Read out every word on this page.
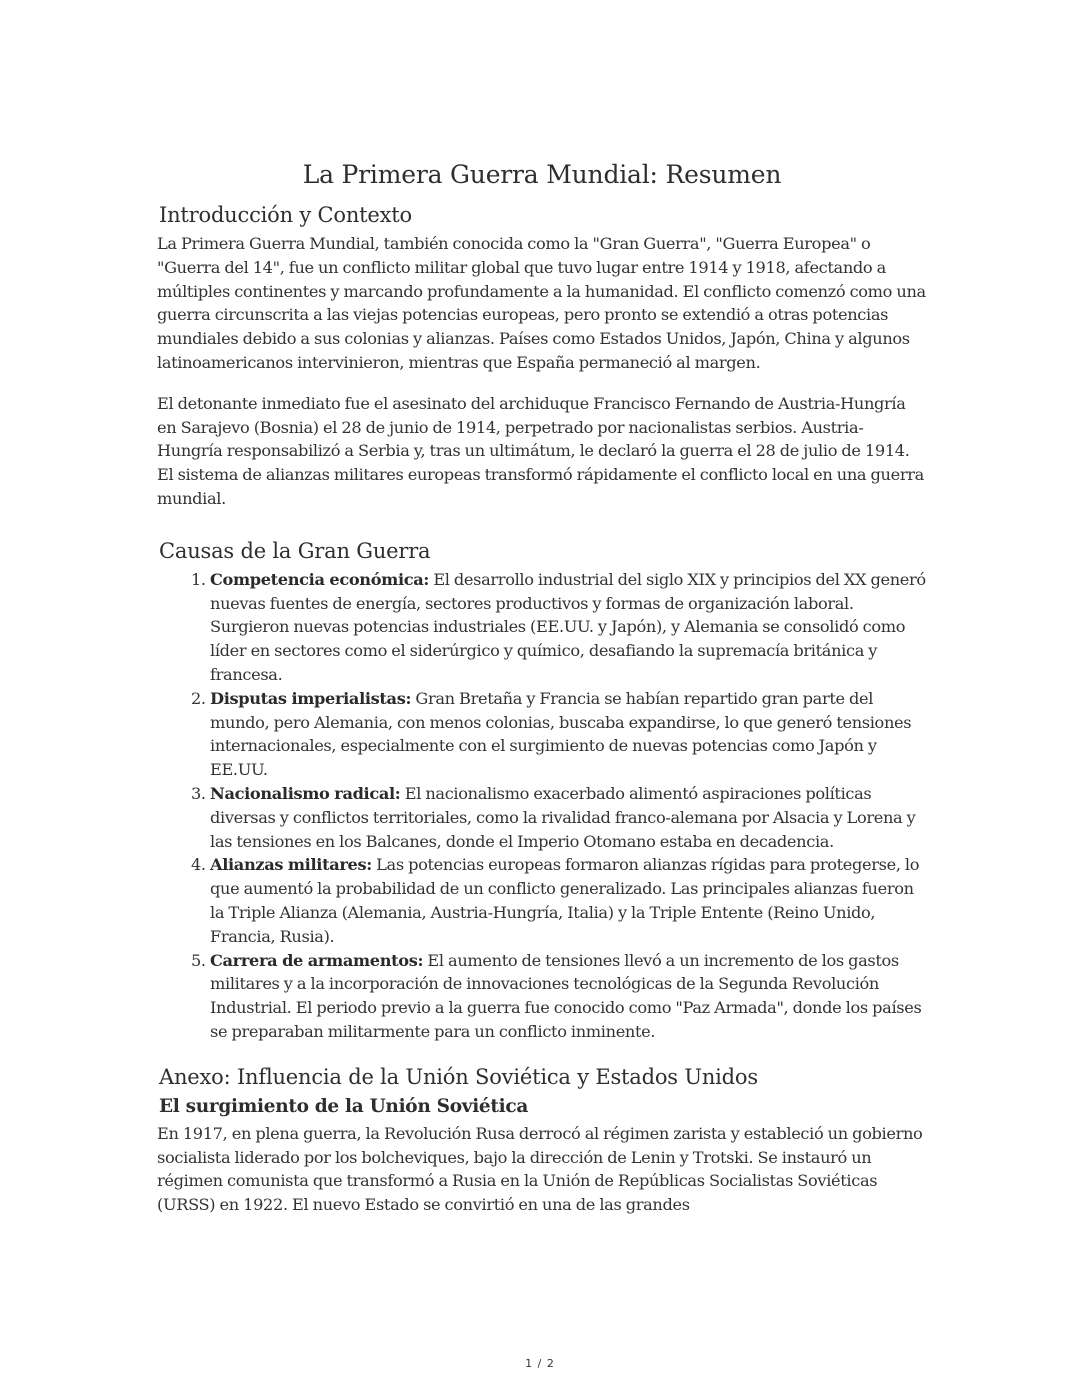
La Primera Guerra Mundial: Resumen
Introducción y Contexto

La Primera Guerra Mundial, también conocida como la "Gran Guerra", "Guerra Europea" o "Guerra del 14", fue un conflicto militar global que tuvo lugar entre 1914 y 1918, afectando a múltiples continentes y marcando profundamente a la humanidad. El conflicto comenzó como una guerra circunscrita a las viejas potencias europeas, pero pronto se extendió a otras potencias mundiales debido a sus colonias y alianzas. Países como Estados Unidos, Japón, China y algunos latinoamericanos intervinieron, mientras que España permaneció al margen.

El detonante inmediato fue el asesinato del archiduque Francisco Fernando de Austria-Hungría en Sarajevo (Bosnia) el 28 de junio de 1914, perpetrado por nacionalistas serbios. Austria-Hungría responsabilizó a Serbia y, tras un ultimátum, le declaró la guerra el 28 de julio de 1914. El sistema de alianzas militares europeas transformó rápidamente el conflicto local en una guerra mundial.

Causas de la Gran Guerra
1. Competencia económica: El desarrollo industrial del siglo XIX y principios del XX generó nuevas fuentes de energía, sectores productivos y formas de organización laboral. Surgieron nuevas potencias industriales (EE.UU. y Japón), y Alemania se consolidó como líder en sectores como el siderúrgico y químico, desafiando la supremacía británica y francesa.
2. Disputas imperialistas: Gran Bretaña y Francia se habían repartido gran parte del mundo, pero Alemania, con menos colonias, buscaba expandirse, lo que generó tensiones internacionales, especialmente con el surgimiento de nuevas potencias como Japón y EE.UU.
3. Nacionalismo radical: El nacionalismo exacerbado alimentó aspiraciones políticas diversas y conflictos territoriales, como la rivalidad franco-alemana por Alsacia y Lorena y las tensiones en los Balcanes, donde el Imperio Otomano estaba en decadencia.
4. Alianzas militares: Las potencias europeas formaron alianzas rígidas para protegerse, lo que aumentó la probabilidad de un conflicto generalizado. Las principales alianzas fueron la Triple Alianza (Alemania, Austria-Hungría, Italia) y la Triple Entente (Reino Unido, Francia, Rusia).
5. Carrera de armamentos: El aumento de tensiones llevó a un incremento de los gastos militares y a la incorporación de innovaciones tecnológicas de la Segunda Revolución Industrial. El periodo previo a la guerra fue conocido como "Paz Armada", donde los países se preparaban militarmente para un conflicto inminente.
Anexo: Influencia de la Unión Soviética y Estados Unidos
El surgimiento de la Unión Soviética

En 1917, en plena guerra, la Revolución Rusa derrocó al régimen zarista y estableció un gobierno socialista liderado por los bolcheviques, bajo la dirección de Lenin y Trotski. Se instauró un régimen comunista que transformó a Rusia en la Unión de Repúblicas Socialistas Soviéticas (URSS) en 1922. El nuevo Estado se convirtió en una de las grandes

1 / 2
